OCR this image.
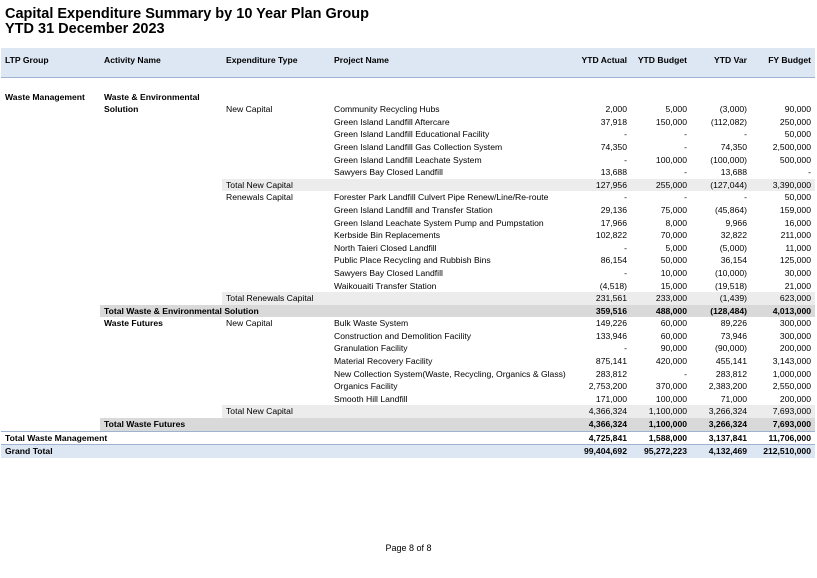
Capital Expenditure Summary by 10 Year Plan Group
YTD 31 December 2023
LTP Group	Activity Name	Expenditure Type	Project Name	YTD Actual	YTD Budget	YTD Var	FY Budget

Waste Management	Waste & Environmental						
	Solution	New Capital	Community Recycling Hubs	2,000	5,000	(3,000)	90,000
			Green Island Landfill Aftercare	37,918	150,000	(112,082)	250,000
			Green Island Landfill Educational Facility	-	-	-	50,000
			Green Island Landfill Gas Collection System	74,350	-	74,350	2,500,000
			Green Island Landfill Leachate System	-	100,000	(100,000)	500,000
			Sawyers Bay Closed Landfill	13,688	-	13,688	-
		Total New Capital		127,956	255,000	(127,044)	3,390,000
		Renewals Capital	Forester Park Landfill Culvert Pipe Renew/Line/Re-route	-	-	-	50,000
			Green Island Landfill and Transfer Station	29,136	75,000	(45,864)	159,000
			Green Island Leachate System Pump and Pumpstation	17,966	8,000	9,966	16,000
			Kerbside Bin Replacements	102,822	70,000	32,822	211,000
			North Taieri Closed Landfill	-	5,000	(5,000)	11,000
			Public Place Recycling and Rubbish Bins	86,154	50,000	36,154	125,000
			Sawyers Bay Closed Landfill	-	10,000	(10,000)	30,000
			Waikouaiti Transfer Station	(4,518)	15,000	(19,518)	21,000
		Total Renewals Capital		231,561	233,000	(1,439)	623,000
	Total Waste & Environmental Solution			359,516	488,000	(128,484)	4,013,000
	Waste Futures	New Capital	Bulk Waste System	149,226	60,000	89,226	300,000
			Construction and Demolition Facility	133,946	60,000	73,946	300,000
			Granulation Facility	-	90,000	(90,000)	200,000
			Material Recovery Facility	875,141	420,000	455,141	3,143,000
			New Collection System(Waste, Recycling, Organics & Glass)	283,812	-	283,812	1,000,000
			Organics Facility	2,753,200	370,000	2,383,200	2,550,000
			Smooth Hill Landfill	171,000	100,000	71,000	200,000
		Total New Capital		4,366,324	1,100,000	3,266,324	7,693,000
	Total Waste Futures			4,366,324	1,100,000	3,266,324	7,693,000
Total Waste Management				4,725,841	1,588,000	3,137,841	11,706,000
Grand Total				99,404,692	95,272,223	4,132,469	212,510,000
Page 8 of 8
